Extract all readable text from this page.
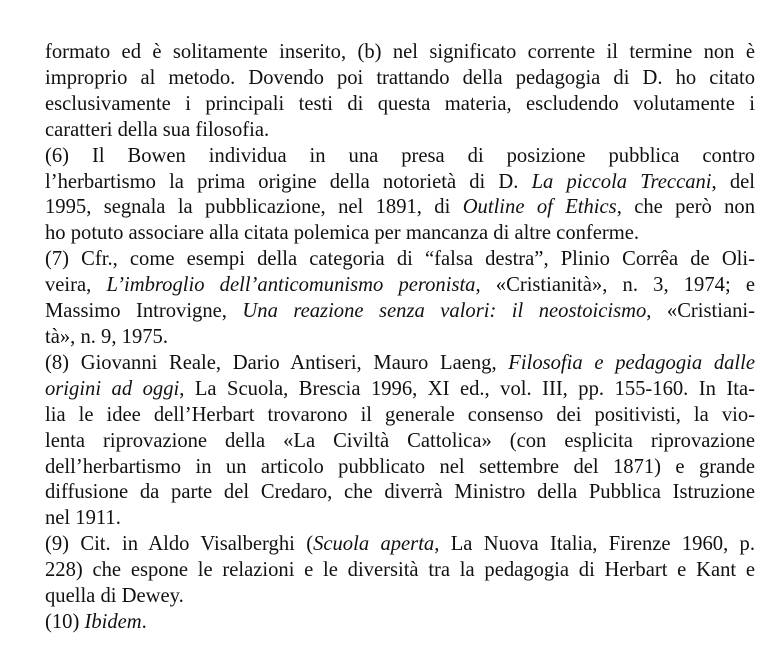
formato ed è solitamente inserito, (b) nel significato corrente il termine non è
improprio al metodo. Dovendo poi trattando della pedagogia di D. ho citato
esclusivamente i principali testi di questa materia, escludendo volutamente i
caratteri della sua filosofia.
(6) Il Bowen individua in una presa di posizione pubblica contro
l’herbartismo la prima origine della notorietà di D. La piccola Treccani, del
1995, segnala la pubblicazione, nel 1891, di Outline of Ethics, che però non
ho potuto associare alla citata polemica per mancanza di altre conferme.
(7) Cfr., come esempi della categoria di “falsa destra”, Plinio Corrêa de Oli-
veira, L’imbroglio dell’anticomunismo peronista, «Cristianità», n. 3, 1974; e
Massimo Introvigne, Una reazione senza valori: il neostoicismo, «Cristiani-
tà», n. 9, 1975.
(8) Giovanni Reale, Dario Antiseri, Mauro Laeng, Filosofia e pedagogia dalle
origini ad oggi, La Scuola, Brescia 1996, XI ed., vol. III, pp. 155-160. In Ita-
lia le idee dell’Herbart trovarono il generale consenso dei positivisti, la vio-
lenta riprovazione della «La Civiltà Cattolica» (con esplicita riprovazione
dell’herbartismo in un articolo pubblicato nel settembre del 1871) e grande
diffusione da parte del Credaro, che diverrà Ministro della Pubblica Istruzione
nel 1911.
(9) Cit. in Aldo Visalberghi (Scuola aperta, La Nuova Italia, Firenze 1960, p.
228) che espone le relazioni e le diversità tra la pedagogia di Herbart e Kant e
quella di Dewey.
(10) Ibidem.
